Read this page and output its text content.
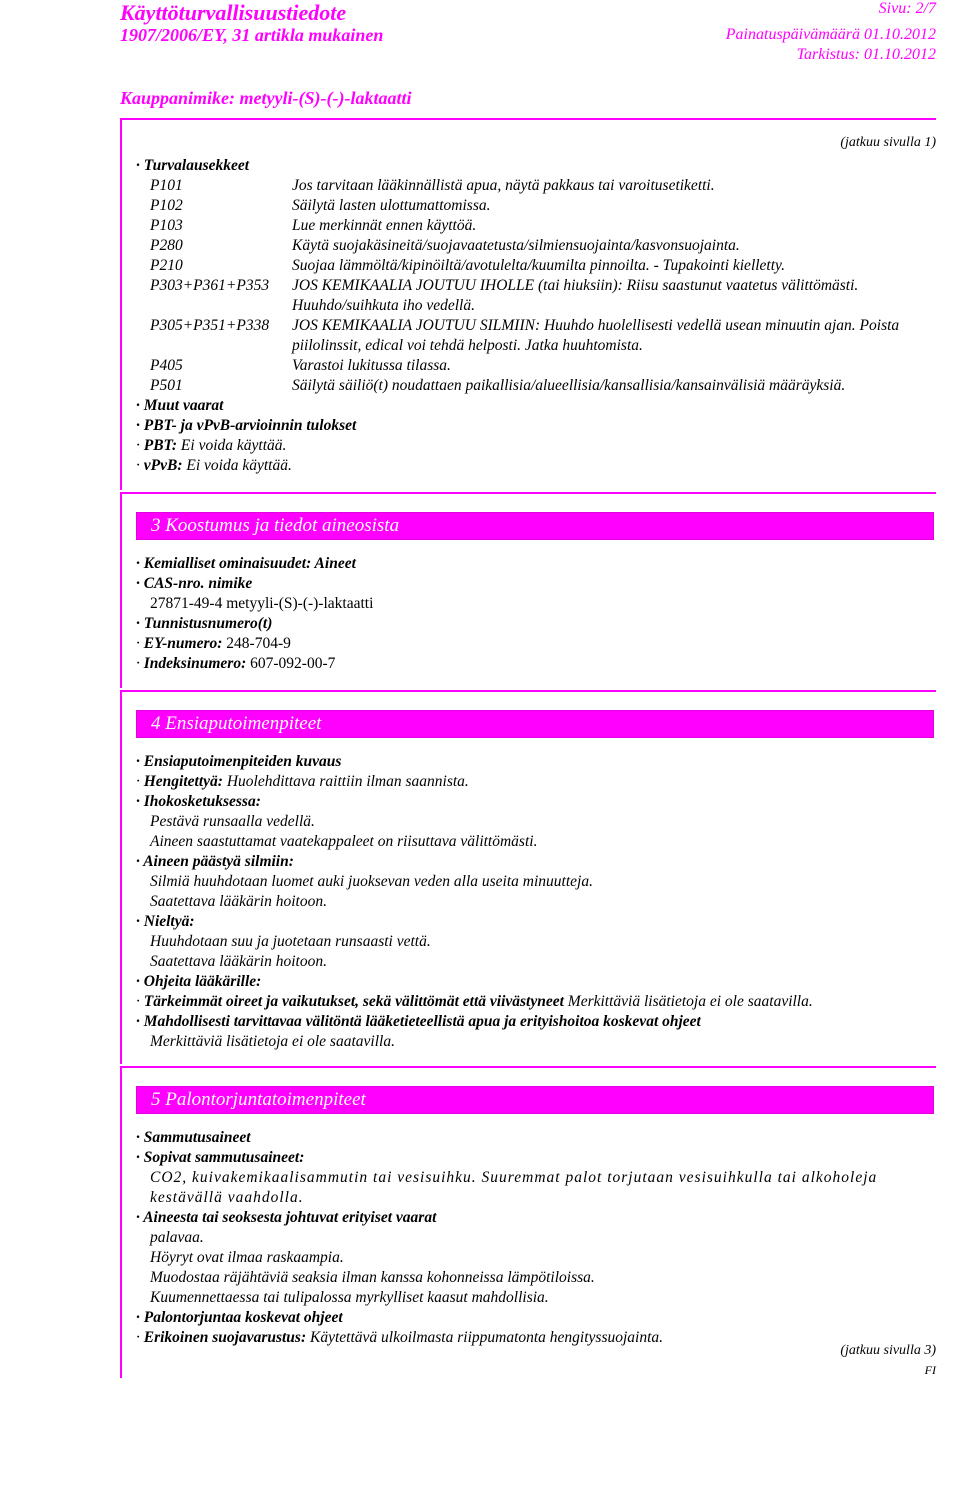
Käyttöturvallisuustiedote
1907/2006/EY, 31 artikla mukainen
Sivu: 2/7
Painatuspäivämäärä 01.10.2012
Tarkistus: 01.10.2012
Kauppanimike: metyyli-(S)-(-)-laktaatti
(jatkuu sivulla 1)
· Turvalausekkeet
P101	Jos tarvitaan lääkinnällistä apua, näytä pakkaus tai varoitusetiketti.
P102	Säilytä lasten ulottumattomissa.
P103	Lue merkinnät ennen käyttöä.
P280	Käytä suojakäsineitä/suojavaatetusta/silmiensuojainta/kasvonsuojainta.
P210	Suojaa lämmöltä/kipinöiltä/avotulelta/kuumilta pinnoilta. - Tupakointi kielletty.
P303+P361+P353	JOS KEMIKAALIA JOUTUU IHOLLE (tai hiuksiin): Riisu saastunut vaatetus välittömästi. Huuhdo/suihkuta iho vedellä.
P305+P351+P338	JOS KEMIKAALIA JOUTUU SILMIIN: Huuhdo huolellisesti vedellä usean minuutin ajan. Poista piilolinssit, edical voi tehdä helposti. Jatka huuhtomista.
P405	Varastoi lukitussa tilassa.
P501	Säilytä säiliö(t) noudattaen paikallisia/alueellisia/kansallisia/kansainvälisiä määräyksiä.
· Muut vaarat
· PBT- ja vPvB-arvioinnin tulokset
· PBT: Ei voida käyttää.
· vPvB: Ei voida käyttää.
3 Koostumus ja tiedot aineosista
· Kemialliset ominaisuudet: Aineet
· CAS-nro. nimike
27871-49-4 metyyli-(S)-(-)-laktaatti
· Tunnistusnumero(t)
· EY-numero: 248-704-9
· Indeksinumero: 607-092-00-7
4 Ensiaputoimenpiteet
· Ensiaputoimenpiteiden kuvaus
· Hengitettyä: Huolehdittava raittiin ilman saannista.
· Ihokosketuksessa:
Pestävä runsaalla vedellä.
Aineen saastuttamat vaatekappaleet on riisuttava välittömästi.
· Aineen päästyä silmiin:
Silmiä huuhdotaan luomet auki juoksevan veden alla useita minuutteja.
Saatettava lääkärin hoitoon.
· Nieltyä:
Huuhdotaan suu ja juotetaan runsaasti vettä.
Saatettava lääkärin hoitoon.
· Ohjeita lääkärille:
· Tärkeimmät oireet ja vaikutukset, sekä välittömät että viivästyneet Merkittäviä lisätietoja ei ole saatavilla.
· Mahdollisesti tarvittavaa välitöntä lääketieteellistä apua ja erityishoitoa koskevat ohjeet
Merkittäviä lisätietoja ei ole saatavilla.
5 Palontorjuntatoimenpiteet
· Sammutusaineet
· Sopivat sammutusaineet:
CO2, kuivakemikaalisammutin tai vesisuihku. Suuremmat palot torjutaan vesisuihkulla tai alkoholeja kestävällä vaahdolla.
· Aineesta tai seoksesta johtuvat erityiset vaarat
palavaa.
Höyryt ovat ilmaa raskaampia.
Muodostaa räjähtäviä seaksia ilman kanssa kohonneissa lämpötiloissa.
Kuumennettaessa tai tulipalossa myrkylliset kaasut mahdollisia.
· Palontorjuntaa koskevat ohjeet
· Erikoinen suojavarustus: Käytettävä ulkoilmasta riippumatonta hengityssuojainta.
(jatkuu sivulla 3)
FI
